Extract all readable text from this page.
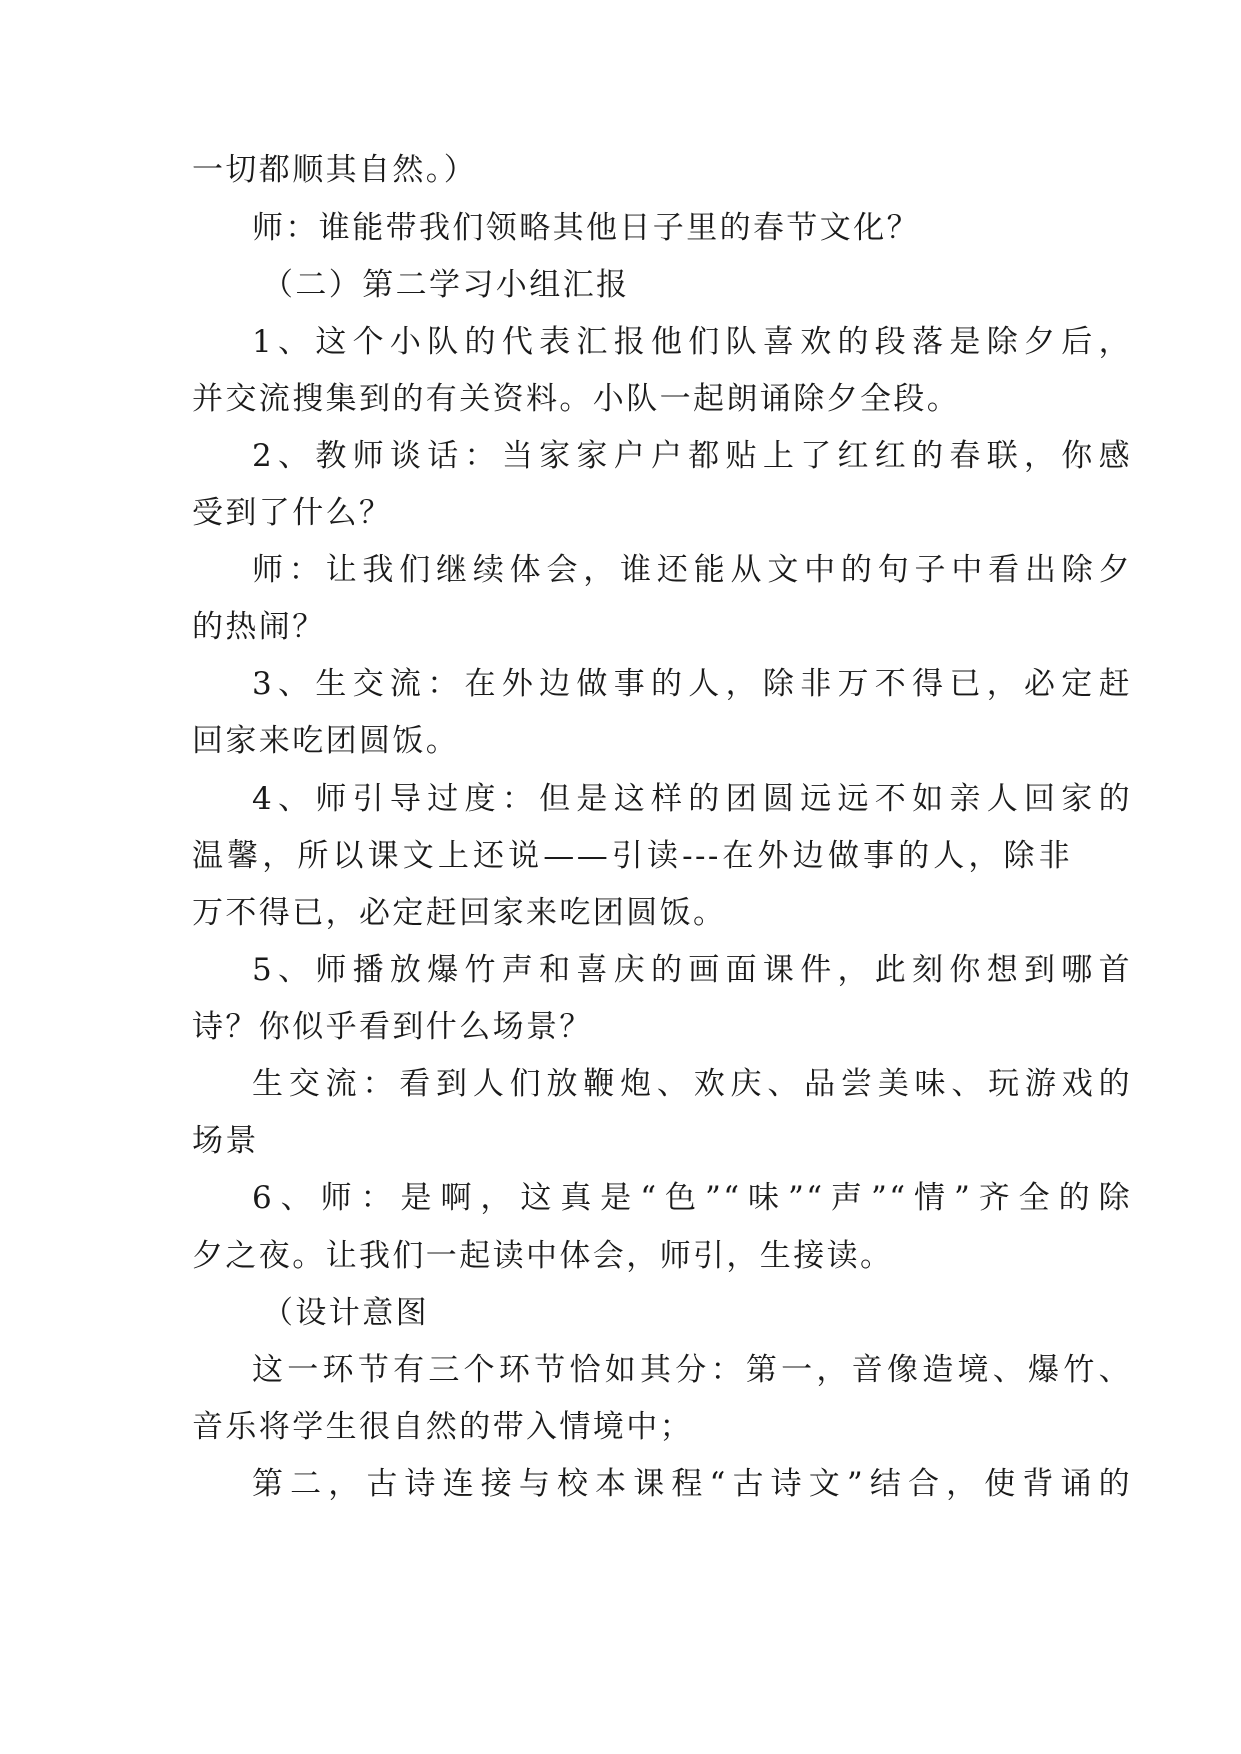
一切都顺其自然。）
师：谁能带我们领略其他日子里的春节文化？
（二）第二学习小组汇报
1、这个小队的代表汇报他们队喜欢的段落是除夕后，
并交流搜集到的有关资料。小队一起朗诵除夕全段。
2、教师谈话：当家家户户都贴上了红红的春联，你感
受到了什么？
师：让我们继续体会，谁还能从文中的句子中看出除夕
的热闹？
3、生交流：在外边做事的人，除非万不得已，必定赶
回家来吃团圆饭。
4、师引导过度：但是这样的团圆远远不如亲人回家的
温馨，所以课文上还说——引读---在外边做事的人，除非
万不得已，必定赶回家来吃团圆饭。
5、师播放爆竹声和喜庆的画面课件，此刻你想到哪首
诗？你似乎看到什么场景？
生交流：看到人们放鞭炮、欢庆、品尝美味、玩游戏的
场景
6、师：是啊，这真是“色”“味”“声”“情”齐全的除
夕之夜。让我们一起读中体会，师引，生接读。
（设计意图
这一环节有三个环节恰如其分：第一，音像造境、爆竹、
音乐将学生很自然的带入情境中；
第二，古诗连接与校本课程“古诗文”结合，使背诵的
